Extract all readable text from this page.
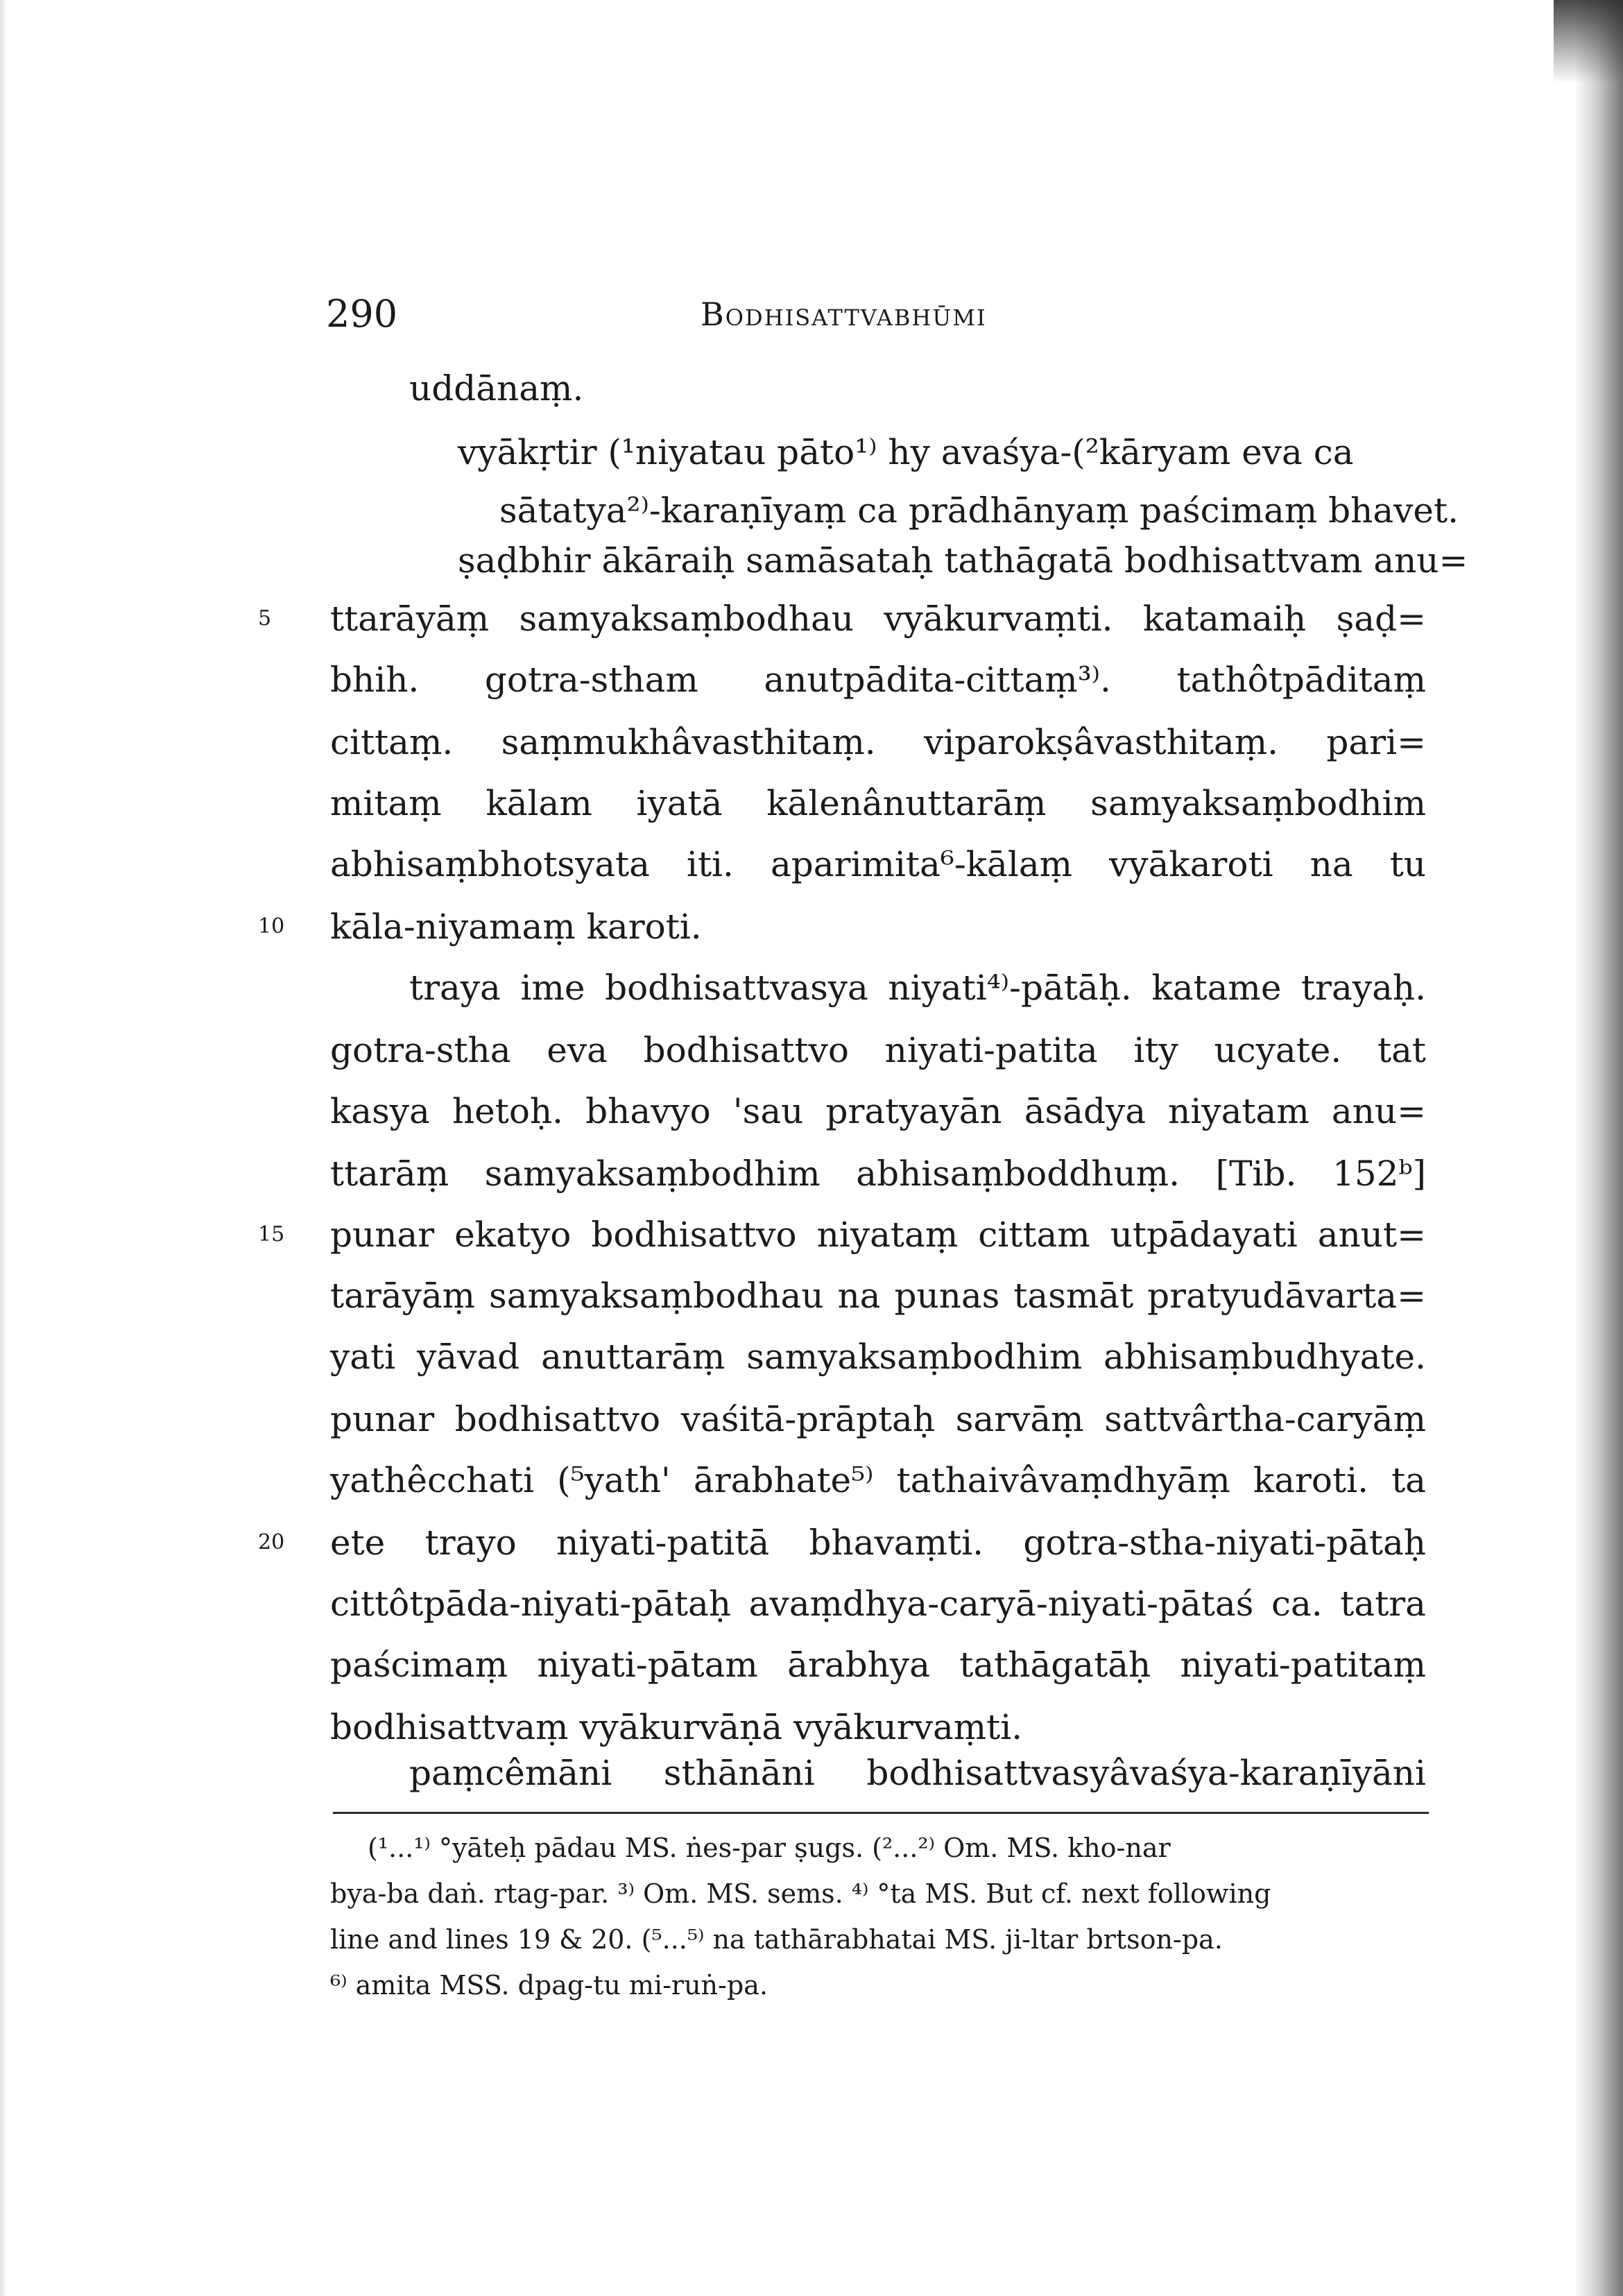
290	Bodhisattvabhūmi
5
10
15
20
uddānaṃ.
vyākṛtir (¹niyatau pāto¹⁾ hy avaśya-(²kāryam eva ca
sātatya²⁾-karaṇīyaṃ ca prādhānyaṃ paścimaṃ bhavet.
ṣaḍbhir ākāraiḥ samāsataḥ tathāgatā bodhisattvam anu=
ttarāyāṃ samyaksaṃbodhau vyākurvaṃti. katamaiḥ ṣaḍ=
bhih. gotra-stham anutpādita-cittaṃ³⁾. tathôtpāditaṃ
cittaṃ. saṃmukhâvasthitaṃ. viparokṣâvasthitaṃ. pari=
mitaṃ kālam iyatā kālenânuttarāṃ samyaksaṃbodhim
abhisaṃbhotsyata iti. aparimita⁶-kālaṃ vyākaroti na tu
kāla-niyamaṃ karoti.
traya ime bodhisattvasya niyati⁴⁾-pātāḥ. katame trayaḥ.
gotra-stha eva bodhisattvo niyati-patita ity ucyate. tat
kasya hetoḥ. bhavyo 'sau pratyayān āsādya niyatam anu=
ttarāṃ samyaksaṃbodhim abhisaṃboddhuṃ. [Tib. 152ᵇ]
punar ekatyo bodhisattvo niyataṃ cittam utpādayati anut=
tarāyāṃ samyaksaṃbodhau na punas tasmāt pratyudāvarta=
yati yāvad anuttarāṃ samyaksaṃbodhim abhisaṃbudhyate.
punar bodhisattvo vaśitā-prāptaḥ sarvāṃ sattvârtha-caryāṃ
yathêcchati (⁵yath' ārabhate⁵⁾ tathaivâvaṃdhyāṃ karoti. ta
ete trayo niyati-patitā bhavaṃti. gotra-stha-niyati-pātaḥ
cittôtpāda-niyati-pātaḥ avaṃdhya-caryā-niyati-pātaś ca. tatra
paścimaṃ niyati-pātam ārabhya tathāgatāḥ niyati-patitaṃ
bodhisattvaṃ vyākurvāṇā vyākurvaṃti.
paṃcêmāni sthānāni bodhisattvasyâvaśya-karaṇīyāni
(¹...¹⁾ °yāteḥ pādau MS. ṅes-par ṣugs. (²...²⁾ Om. MS. kho-nar
bya-ba daṅ. rtag-par. ³⁾ Om. MS. sems. ⁴⁾ °ta MS. But cf. next following
line and lines 19 & 20. (⁵...⁵⁾ na tathārabhatai MS. ji-ltar brtson-pa.
⁶⁾ amita MSS. dpag-tu mi-ruṅ-pa.
